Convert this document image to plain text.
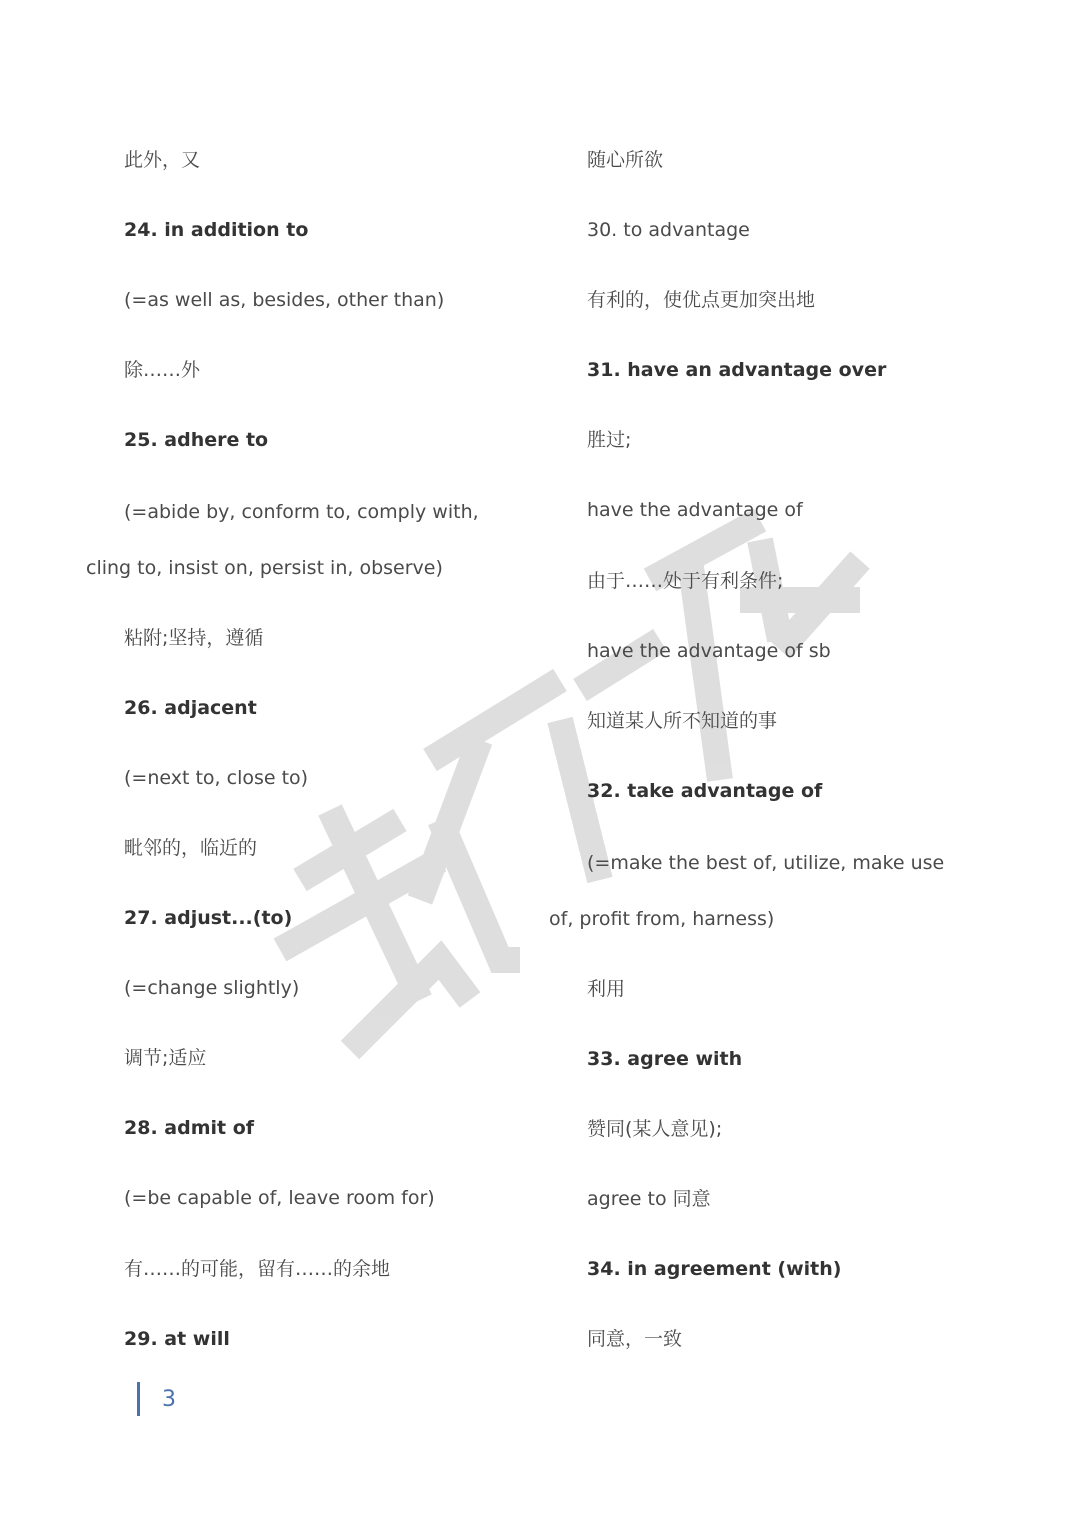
此外，又
24. in addition to
(=as well as, besides, other than)
除……外
25. adhere to
(=abide by, conform to, comply with, cling to, insist on, persist in, observe)
粘附;坚持，遵循
26. adjacent
(=next to, close to)
毗邻的，临近的
27. adjust...(to)
(=change slightly)
调节;适应
28. admit of
(=be capable of, leave room for)
有……的可能，留有……的余地
29. at will
随心所欲
30. to advantage
有利的，使优点更加突出地
31. have an advantage over
胜过;
have the advantage of
由于……处于有利条件;
have the advantage of sb
知道某人所不知道的事
32. take advantage of
(=make the best of, utilize, make use of, profit from, harness)
利用
33. agree with
赞同(某人意见);
agree to 同意
34. in agreement (with)
同意，一致
3
